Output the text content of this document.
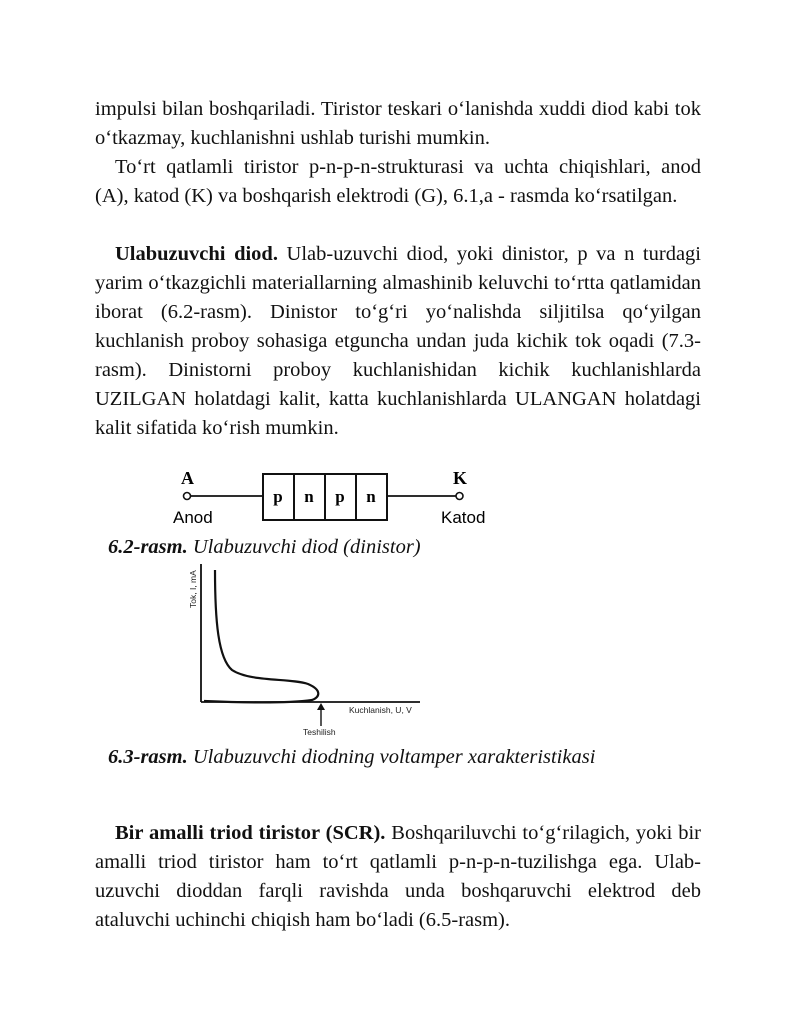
impulsi bilan boshqariladi. Tiristor teskari o‘lanishda xuddi diod kabi tok o‘tkazmay, kuchlanishni ushlab turishi mumkin.

To‘rt qatlamli tiristor p-n-p-n-strukturasi va uchta chiqishlari, anod (A), katod (K) va boshqarish elektrodi (G), 6.1,a - rasmda ko‘rsatilgan.

Ulabuzuvchi diod. Ulab-uzuvchi diod, yoki dinistor, p va n turdagi yarim o‘tkazgichli materiallarning almashinib keluvchi to‘rtta qatlamidan iborat (6.2-rasm). Dinistor to‘g‘ri yo‘nalishda siljitilsa qo‘yilgan kuchlanish proboy sohasiga etguncha undan juda kichik tok oqadi (7.3-rasm). Dinistorni proboy kuchlanishidan kichik kuchlanishlarda UZILGAN holatdagi kalit, katta kuchlanishlarda ULANGAN holatdagi kalit sifatida ko‘rish mumkin.

A
Anod
K
Katod
p n p n

6.2-rasm. Ulabuzuvchi diod (dinistor)

Tok, I, mA
Kuchlanish, U, V
Teshilish

6.3-rasm. Ulabuzuvchi diodning voltamper xarakteristikasi

Bir amalli triod tiristor (SCR). Boshqariluvchi to‘g‘rilagich, yoki bir amalli triod tiristor ham to‘rt qatlamli p-n-p-n-tuzilishga ega. Ulab-uzuvchi dioddan farqli ravishda unda boshqaruvchi elektrod deb ataluvchi uchinchi chiqish ham bo‘ladi (6.5-rasm).
